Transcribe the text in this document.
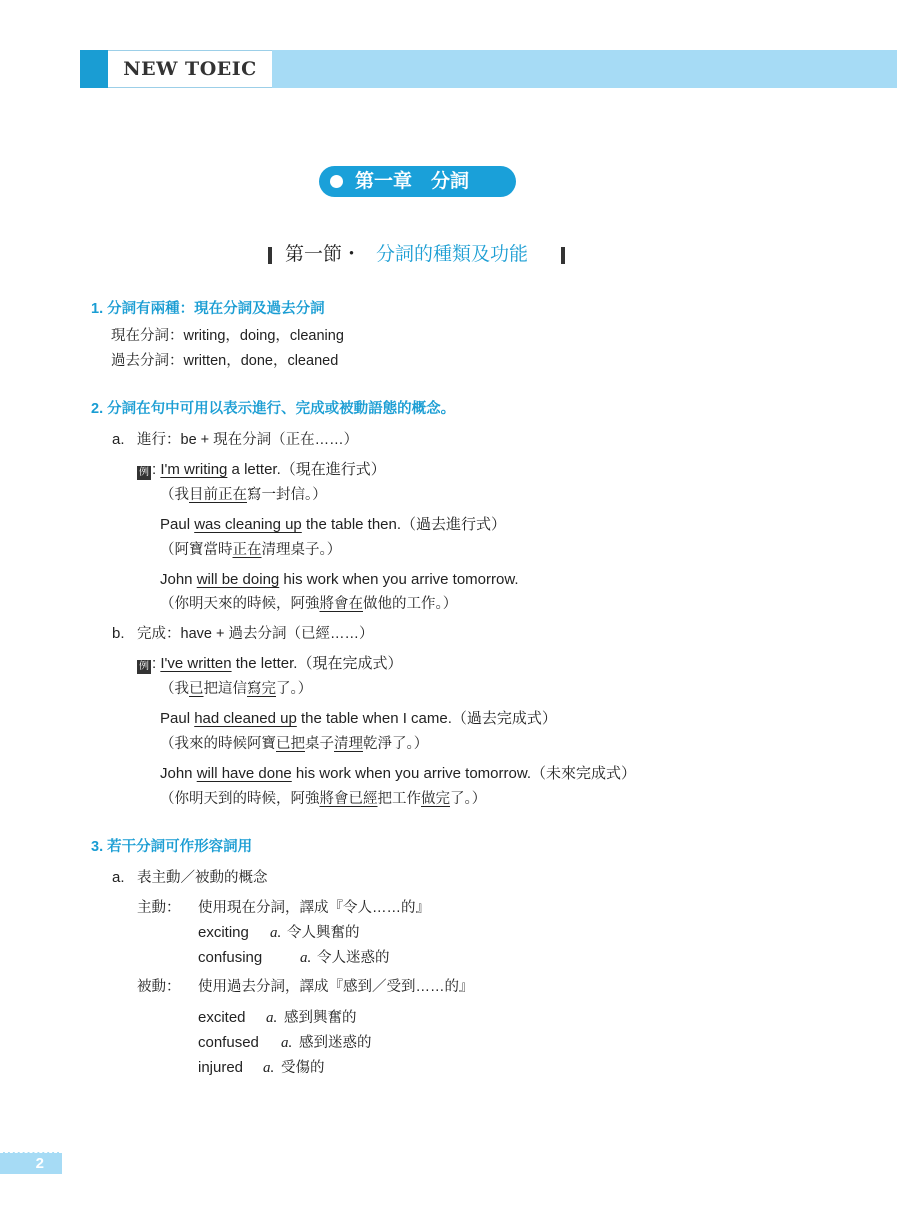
NEW TOEIC
第一章　分詞
第一節・ 分詞的種類及功能
1. 分詞有兩種：現在分詞及過去分詞
現在分詞：writing，doing，cleaning
過去分詞：written，done，cleaned
2. 分詞在句中可用以表示進行、完成或被動語態的概念。
a. 進行：be + 現在分詞（正在……）
例 : I'm writing a letter.（現在進行式）
（我目前正在寫一封信。）
Paul was cleaning up the table then.（過去進行式）
（阿寶當時正在清理桌子。）
John will be doing his work when you arrive tomorrow.
（你明天來的時候，阿強將會在做他的工作。）
b. 完成：have + 過去分詞（已經……）
例 : I've written the letter.（現在完成式）
（我已把這信寫完了。）
Paul had cleaned up the table when I came.（過去完成式）
（我來的時候阿寶已把桌子清理乾淨了。）
John will have done his work when you arrive tomorrow.（未來完成式）
（你明天到的時候，阿強將會已經把工作做完了。）
3. 若干分詞可作形容詞用
a. 表主動／被動的概念
主動： 使用現在分詞，譯成『令人……的』
exciting a. 令人興奮的
confusing	a. 令人迷惑的
被動： 使用過去分詞，譯成『感到／受到……的』
excited a. 感到興奮的
confused a. 感到迷惑的
injured a. 受傷的
2
